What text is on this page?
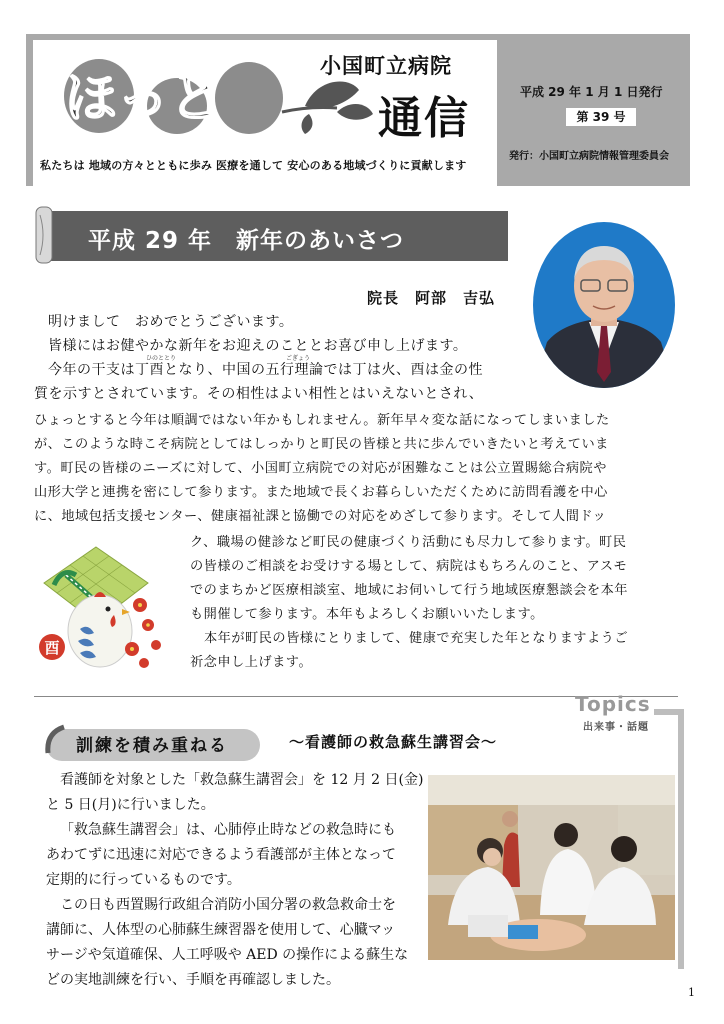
ほっと
小国町立病院
通信
私たちは 地域の方々とともに歩み 医療を通して 安心のある地域づくりに貢献します
平成 29 年 1 月 1 日発行
第 39 号
発行：小国町立病院情報管理委員会
平成 29 年　新年のあいさつ
院長　阿部　吉弘
ひのととり	ごぎょう
明けまして　おめでとうございます。
皆様にはお健やかな新年をお迎えのこととお喜び申し上げます。
今年の干支は丁酉となり、中国の五行理論では丁は火、酉は金の性
質を示すとされています。その相性はよい相性とはいえないとされ、
ひょっとすると今年は順調ではない年かもしれません。新年早々変な話になってしまいました
が、このような時こそ病院としてはしっかりと町民の皆様と共に歩んでいきたいと考えていま
す。町民の皆様のニーズに対して、小国町立病院での対応が困難なことは公立置賜総合病院や
山形大学と連携を密にして参ります。また地域で長くお暮らしいただくために訪問看護を中心
に、地域包括支援センター、健康福祉課と協働での対応をめざして参ります。そして人間ドッ
ク、職場の健診など町民の健康づくり活動にも尽力して参ります。町民
の皆様のご相談をお受けする場として、病院はもちろんのこと、アスモ
でのまちかど医療相談室、地域にお伺いして行う地域医療懇談会を本年
も開催して参ります。本年もよろしくお願いいたします。
本年が町民の皆様にとりまして、健康で充実した年となりますようご
祈念申し上げます。
酉
Topics
出来事・話題
訓練を積み重ねる	～看護師の救急蘇生講習会～
看護師を対象とした「救急蘇生講習会」を 12 月 2 日(金)
と 5 日(月)に行いました。
「救急蘇生講習会」は、心肺停止時などの救急時にも
あわてずに迅速に対応できるよう看護部が主体となって
定期的に行っているものです。
この日も西置賜行政組合消防小国分署の救急救命士を
講師に、人体型の心肺蘇生練習器を使用して、心臓マッ
サージや気道確保、人工呼吸や AED の操作による蘇生な
どの実地訓練を行い、手順を再確認しました。
1
